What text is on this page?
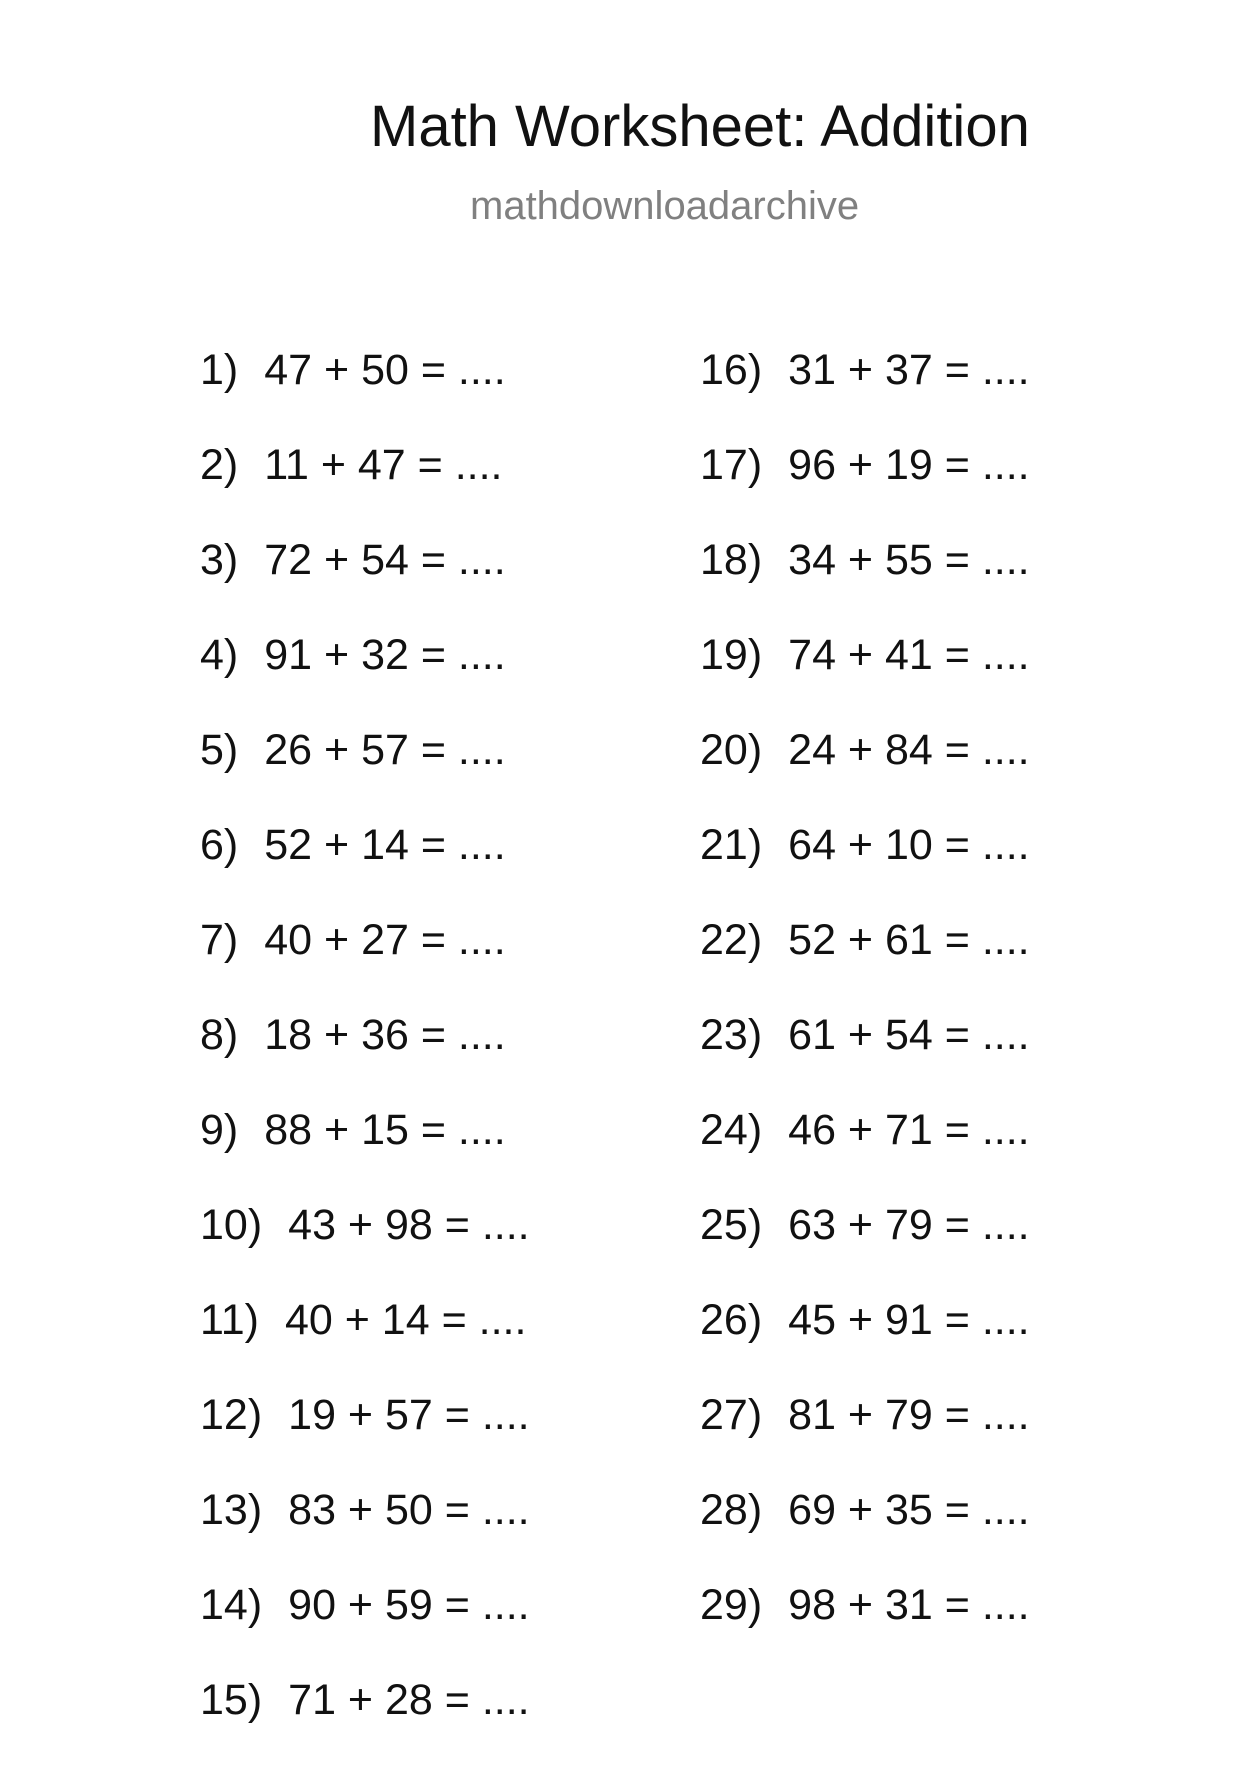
Math Worksheet: Addition
mathdownloadarchive
1) 47 + 50 = ....
2) 11 + 47 = ....
3) 72 + 54 = ....
4) 91 + 32 = ....
5) 26 + 57 = ....
6) 52 + 14 = ....
7) 40 + 27 = ....
8) 18 + 36 = ....
9) 88 + 15 = ....
10) 43 + 98 = ....
11) 40 + 14 = ....
12) 19 + 57 = ....
13) 83 + 50 = ....
14) 90 + 59 = ....
15) 71 + 28 = ....
16) 31 + 37 = ....
17) 96 + 19 = ....
18) 34 + 55 = ....
19) 74 + 41 = ....
20) 24 + 84 = ....
21) 64 + 10 = ....
22) 52 + 61 = ....
23) 61 + 54 = ....
24) 46 + 71 = ....
25) 63 + 79 = ....
26) 45 + 91 = ....
27) 81 + 79 = ....
28) 69 + 35 = ....
29) 98 + 31 = ....
